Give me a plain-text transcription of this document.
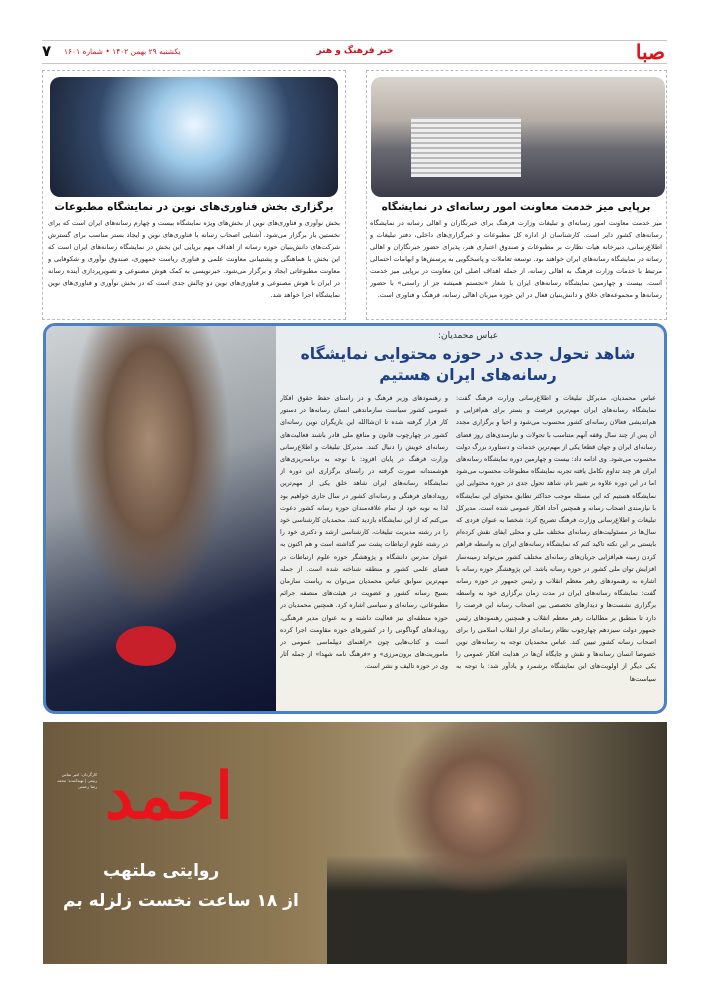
صبا
خبر فرهنگ و هنر
یکشنبه ۲۹ بهمن ۱۴۰۲ • شماره ۱۶۰۱
۷
برپایی میز خدمت معاونت امور رسانه‌ای در نمایشگاه
میز خدمت معاونت امور رسانه‌ای و تبلیغات وزارت فرهنگ برای خبرنگاران و اهالی رسانه در نمایشگاه رسانه‌های کشور دایر است. کارشناسان از اداره کل مطبوعات و خبرگزاری‌های داخلی، دفتر تبلیغات و اطلاع‌رسانی، دبیرخانه هیات نظارت بر مطبوعات و صندوق اعتباری هنر، پذیرای حضور خبرنگاران و اهالی رسانه در نمایشگاه رسانه‌های ایران خواهند بود. توسعه تعاملات و پاسخگویی به پرسش‌ها و ابهامات احتمالی مرتبط با خدمات وزارت فرهنگ به اهالی رسانه، از جمله اهداف اصلی این معاونت در برپایی میز خدمت است. بیست و چهارمین نمایشگاه رسانه‌های ایران با شعار «نجستم همیشه جز از راستی» با حضور رسانه‌ها و مجموعه‌های خلاق و دانش‌بنیان فعال در این حوزه میزبان اهالی رسانه، فرهنگ و فناوری است.
برگزاری بخش فناوری‌های نوین در نمایشگاه مطبوعات
بخش نوآوری و فناوری‌های نوین از بخش‌های ویژه نمایشگاه بیست و چهارم رسانه‌های ایران است که برای نخستین بار برگزار می‌شود. آشنایی اصحاب رسانه با فناوری‌های نوین و ایجاد بستر مناسب برای گسترش شرکت‌های دانش‌بنیان حوزه رسانه از اهداف مهم برپایی این بخش در نمایشگاه رسانه‌های ایران است که این بخش با هماهنگی و پشتیبانی معاونت علمی و فناوری ریاست جمهوری، صندوق نوآوری و شکوفایی و معاونت مطبوعاتی ایجاد و برگزار می‌شود. خبرنویسی به کمک هوش مصنوعی و تصویرپردازی آینده رسانه در ایران با هوش مصنوعی و فناوری‌های نوین دو چالش جدی است که در بخش نوآوری و فناوری‌های نوین نمایشگاه اجرا خواهد شد.
عباس محمدیان:
شاهد تحول جدی در حوزه محتوایی نمایشگاه رسانه‌های ایران هستیم
عباس محمدیان، مدیرکل تبلیغات و اطلاع‌رسانی وزارت فرهنگ گفت: نمایشگاه رسانه‌های ایران مهم‌ترین فرصت و بستر برای هم‌افزایی و هم‌اندیشی فعالان رسانه‌ای کشور محسوب می‌شود و احیا و برگزاری مجدد آن پس از چند سال وقفه آنهم متناسب با تحولات و نیازمندی‌های روز فضای رسانه‌ای ایران و جهان قطعا یکی از مهم‌ترین خدمات و دستاورد بزرگ دولت محسوب می‌شود. وی ادامه داد: بیست و چهارمین دوره نمایشگاه رسانه‌های ایران هر چند تداوم تکامل یافته تجربه نمایشگاه مطبوعات محسوب می‌شود اما در این دوره علاوه بر تغییر نام، شاهد تحول جدی در حوزه محتوایی این نمایشگاه هستیم که این مسئله موجب حداکثر تطابق محتوای این نمایشگاه با نیازمندی اصحاب رسانه و همچنین آحاد افکار عمومی شده است. مدیرکل تبلیغات و اطلاع‌رسانی وزارت فرهنگ تصریح کرد: شخصا به عنوان فردی که سال‌ها در مسئولیت‌های رسانه‌ای مختلف ملی و محلی ایفای نقش کرده‌ام بایستی بر این نکته تاکید کنم که نمایشگاه رسانه‌های ایران به واسطه فراهم کردن زمینه هم‌افزایی جریان‌های رسانه‌ای مختلف کشور می‌تواند زمینه‌ساز افزایش توان ملی کشور در حوزه رسانه باشد. این پژوهشگر حوزه رسانه با اشاره به رهنمودهای رهبر معظم انقلاب و رئیس جمهور در حوزه رسانه گفت: نمایشگاه رسانه‌های ایران در مدت زمان برگزاری خود به واسطه برگزاری نشست‌ها و دیدارهای تخصصی بین اصحاب رسانه این فرصت را دارد تا منطبق بر مطالبات رهبر معظم انقلاب و همچنین رهنمودهای رئیس جمهور دولت سیزدهم چهارچوب نظام رسانه‌ای تراز انقلاب اسلامی را برای اصحاب رسانه کشور تبیین کند. عباس محمدیان توجه به رسانه‌های نوین خصوصا انسان رسانه‌ها و نقش و جایگاه آن‌ها در هدایت افکار عمومی را یکی دیگر از اولویت‌های این نمایشگاه برشمرد و یادآور شد: با توجه به سیاست‌ها
و رهنمودهای وزیر فرهنگ و در راستای حفظ حقوق افکار عمومی کشور سیاست سازماندهی انسان رسانه‌ها در دستور کار قرار گرفته شده تا ان‌شاالله این بازیگران نوین رسانه‌ای کشور در چهارچوب قانون و منافع ملی قادر باشند فعالیت‌های رسانه‌ای خویش را دنبال کنند. مدیرکل تبلیغات و اطلاع‌رسانی وزارت فرهنگ در پایان افزود: با توجه به برنامه‌ریزی‌های هوشمندانه صورت گرفته در راستای برگزاری این دوره از نمایشگاه رسانه‌های ایران شاهد خلق یکی از مهم‌ترین رویدادهای فرهنگی و رسانه‌ای کشور در سال جاری خواهیم بود لذا به نوبه خود از تمام علاقه‌مندان حوزه رسانه کشور دعوت می‌کنم که از این نمایشگاه بازدید کنند. محمدیان کارشناسی خود را در رشته مدیریت تبلیغات، کارشناسی ارشد و دکتری خود را در رشته علوم ارتباطات پشت سر گذاشته است و هم اکنون به عنوان مدرس دانشگاه و پژوهشگر حوزه علوم ارتباطات در فضای علمی کشور و منطقه شناخته شده است. از جمله مهم‌ترین سوابق عباس محمدیان می‌توان به ریاست سازمان بسیج رسانه کشور و عضویت در هیئت‌های منصفه جرائم مطبوعاتی، رسانه‌ای و سیاسی اشاره کرد. همچنین محمدیان در حوزه منطقه‌ای نیز فعالیت داشته و به عنوان مدیر فرهنگی، رویدادهای گوناگونی را در کشورهای حوزه مقاومت اجرا کرده است و کتاب‌هایی چون «راهنمای دیپلماسی عمومی در ماموریت‌های برون‌مرزی» و «فرهنگ نامه شهدا» از جمله آثار وی در حوزه تالیف و نشر است.
احمد
کارگردان: امیر عباس ربیعی | تهیه‌کننده: محمد رضا رحمتی
روایتی ملتهب
از ۱۸ ساعت نخست زلزله بم
